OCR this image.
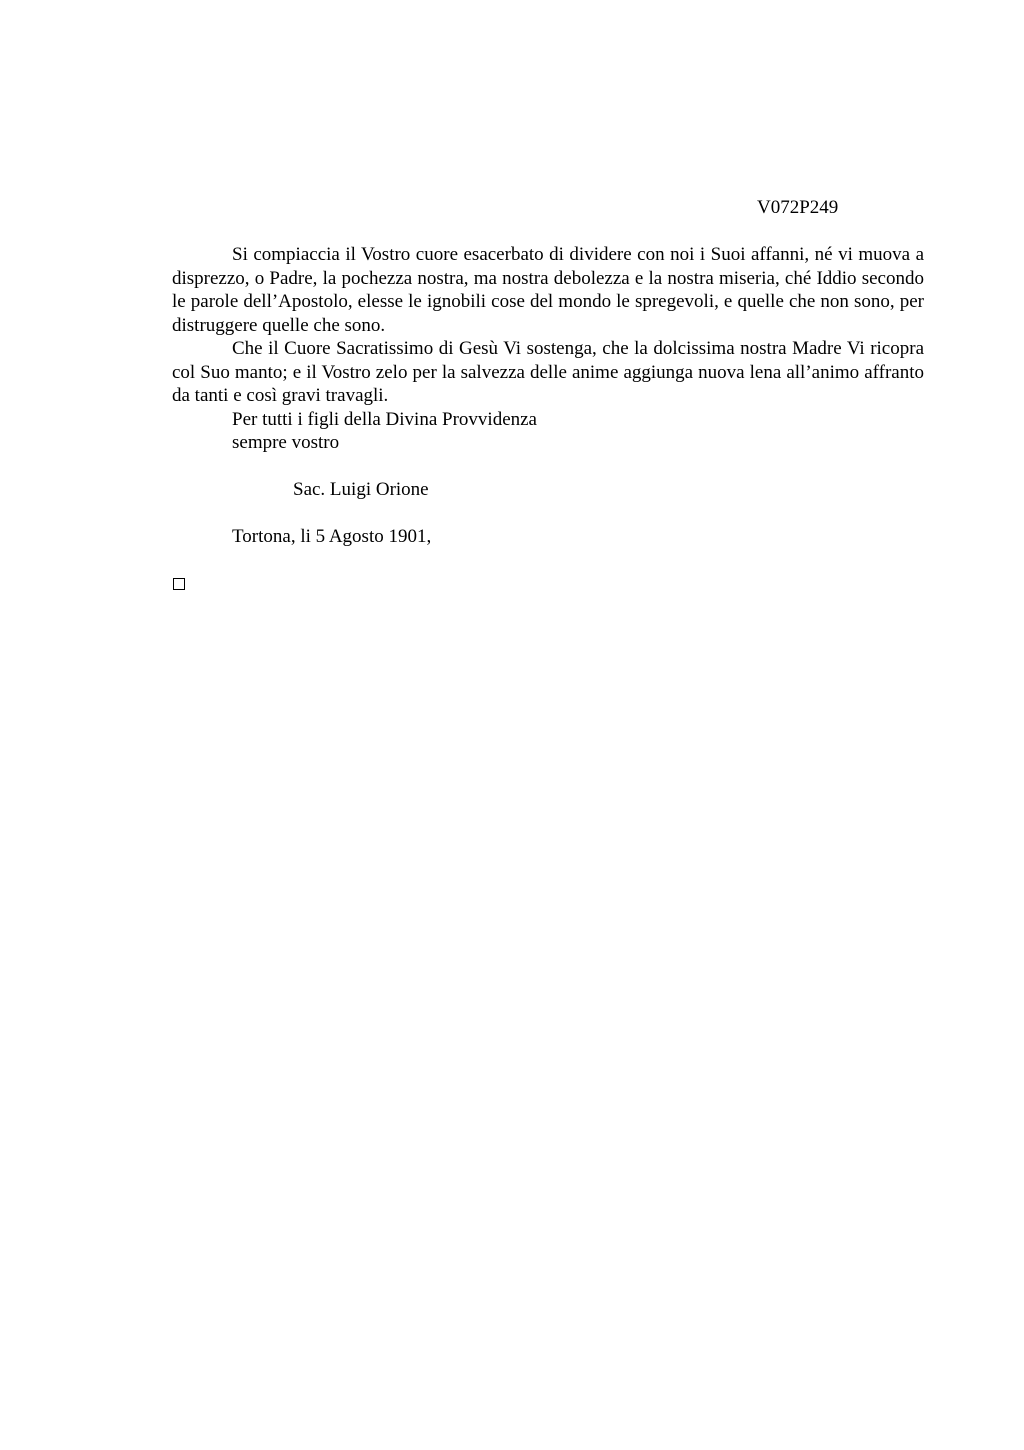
V072P249

Si compiaccia il Vostro cuore esacerbato di dividere con noi i Suoi affanni, né vi muova a disprezzo, o Padre, la pochezza nostra, ma nostra debolezza e la nostra miseria, ché Iddio secondo le parole dell’Apostolo, elesse le ignobili cose del mondo le spregevoli, e quelle che non sono, per distruggere quelle che sono.

Che il Cuore Sacratissimo di Gesù Vi sostenga, che la dolcissima nostra Madre Vi ricopra col Suo manto; e il Vostro zelo per la salvezza delle anime aggiunga nuova lena all’animo affranto da tanti e così gravi travagli.

Per tutti i figli della Divina Provvidenza

sempre vostro

Sac. Luigi Orione

Tortona, li 5 Agosto 1901,
